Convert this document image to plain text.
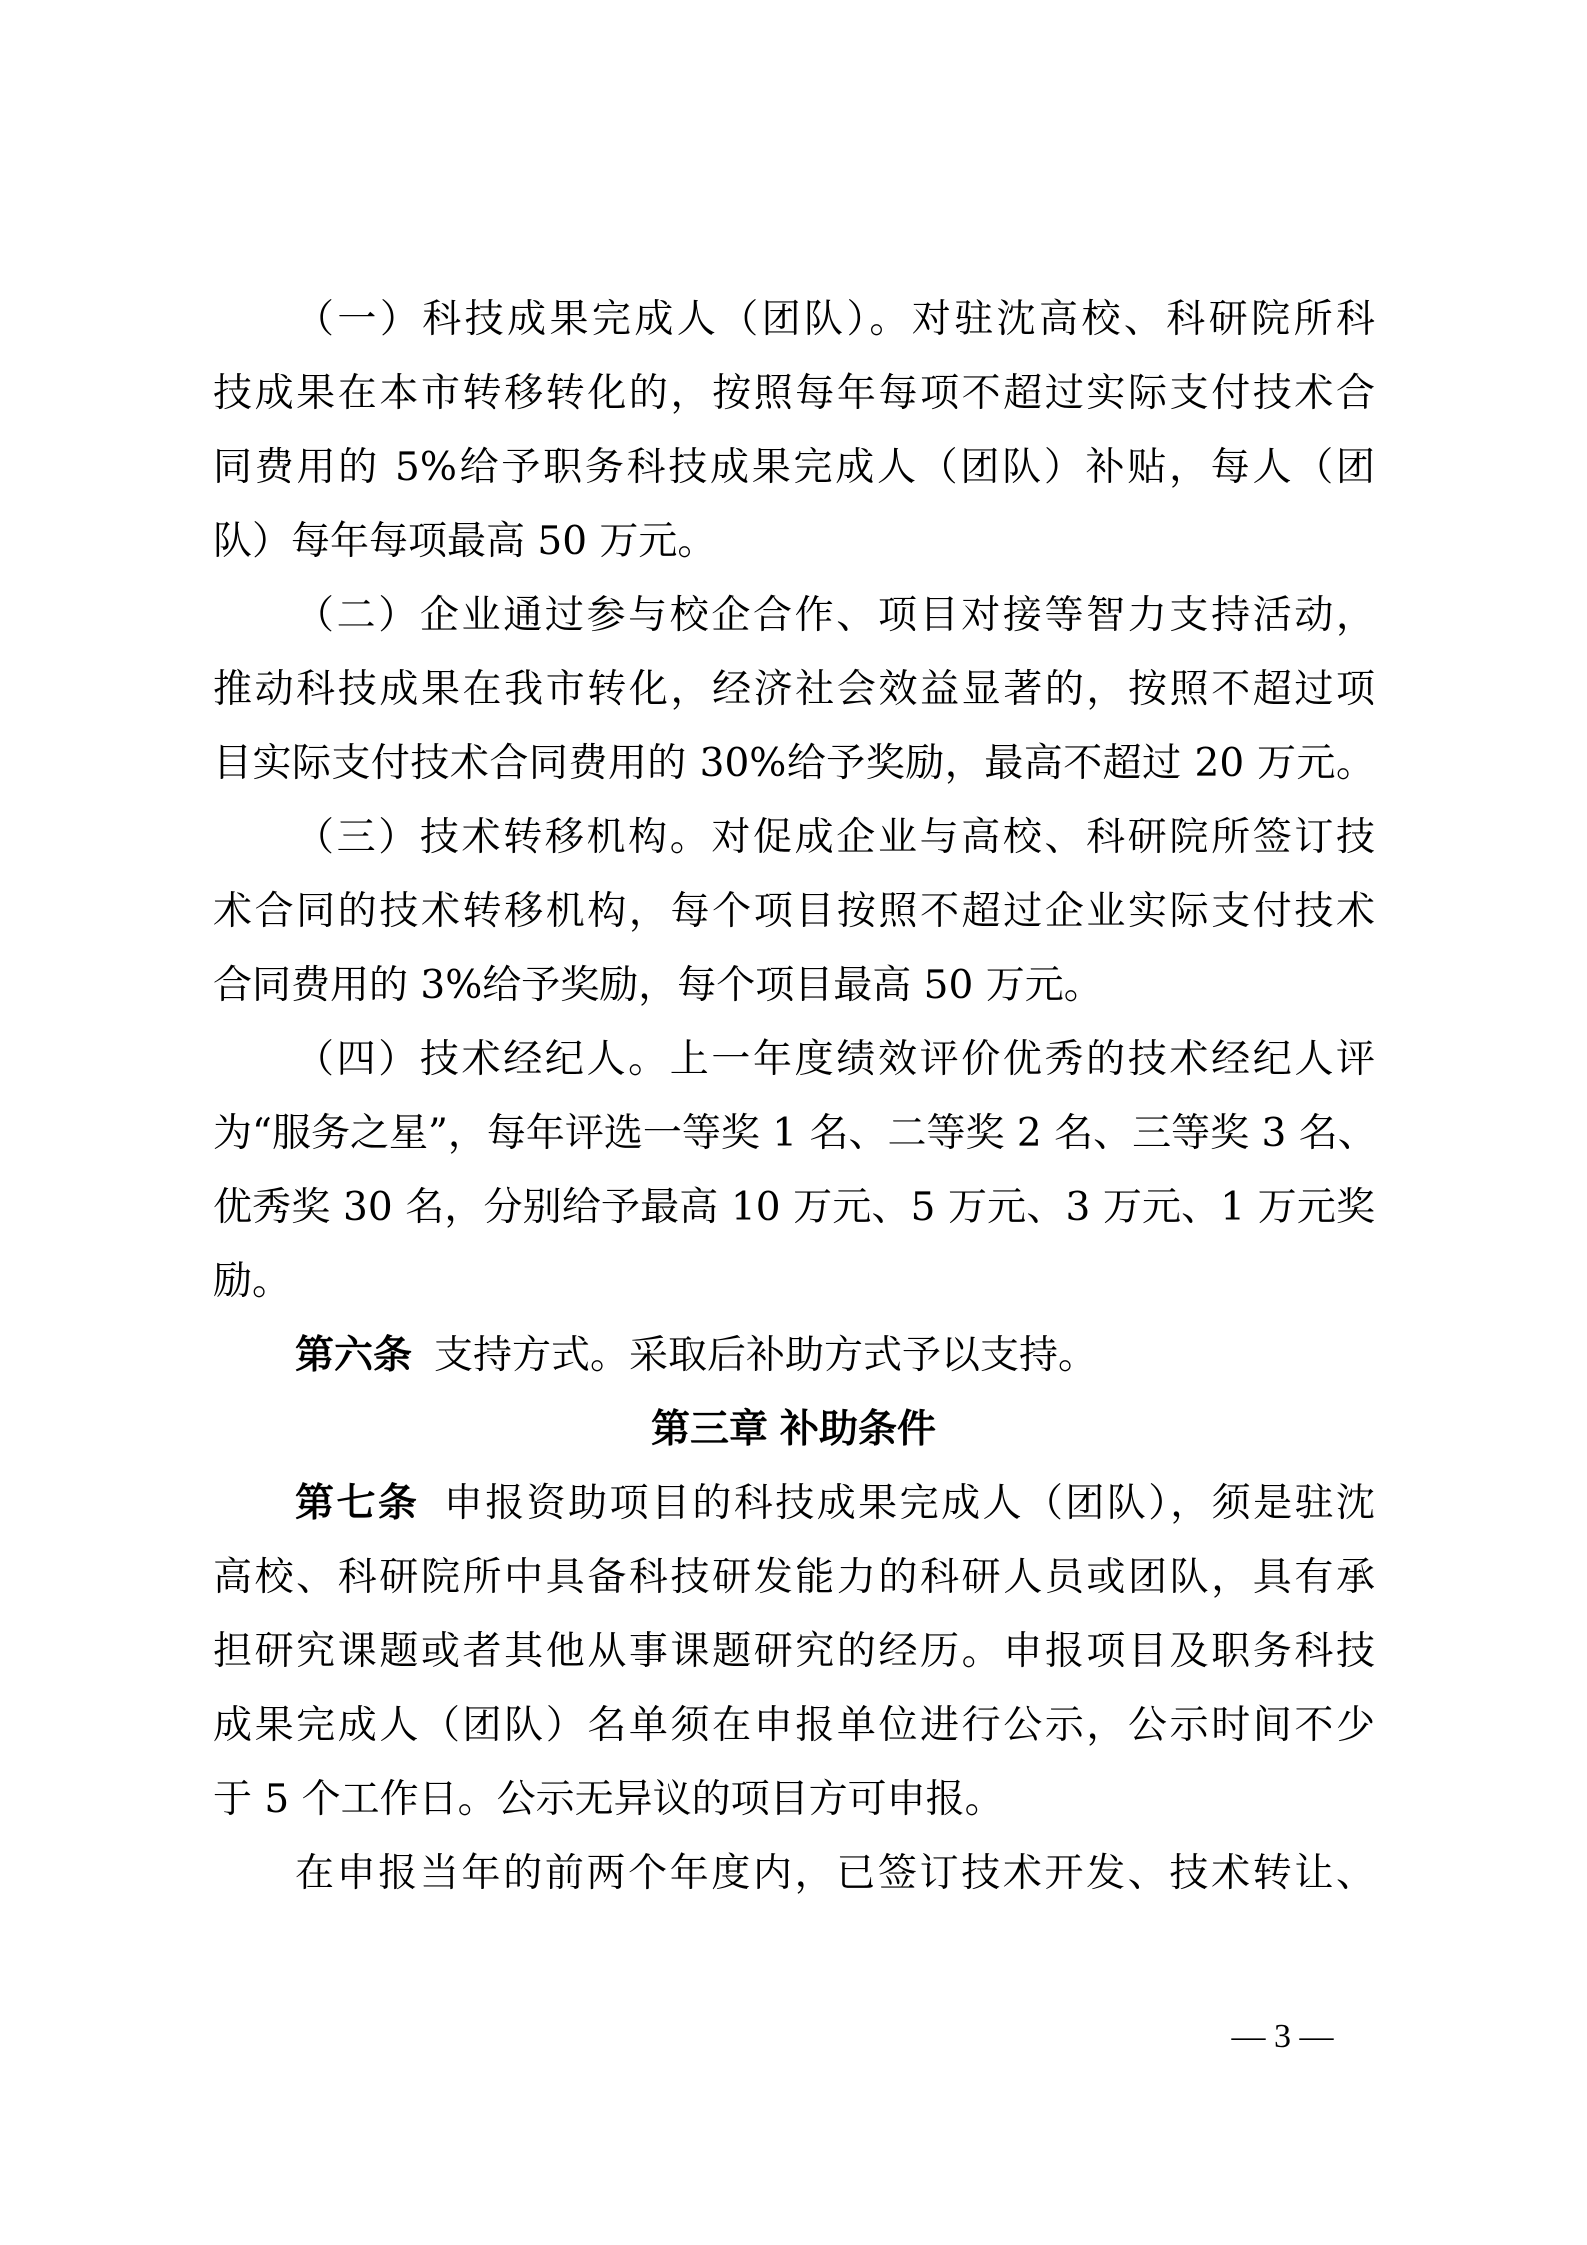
（一）科技成果完成人（团队）。对驻沈高校、科研院所科
技成果在本市转移转化的，按照每年每项不超过实际支付技术合
同费用的 5%给予职务科技成果完成人（团队）补贴，每人（团
队）每年每项最高 50 万元。
（二）企业通过参与校企合作、项目对接等智力支持活动，
推动科技成果在我市转化，经济社会效益显著的，按照不超过项
目实际支付技术合同费用的 30%给予奖励，最高不超过 20 万元。
（三）技术转移机构。对促成企业与高校、科研院所签订技
术合同的技术转移机构，每个项目按照不超过企业实际支付技术
合同费用的 3%给予奖励，每个项目最高 50 万元。
（四）技术经纪人。上一年度绩效评价优秀的技术经纪人评
为“服务之星”，每年评选一等奖 1 名、二等奖 2 名、三等奖 3 名、
优秀奖 30 名，分别给予最高 10 万元、5 万元、3 万元、1 万元奖
励。
第六条 支持方式。采取后补助方式予以支持。
第三章 补助条件
第七条 申报资助项目的科技成果完成人（团队），须是驻沈
高校、科研院所中具备科技研发能力的科研人员或团队，具有承
担研究课题或者其他从事课题研究的经历。申报项目及职务科技
成果完成人（团队）名单须在申报单位进行公示，公示时间不少
于 5 个工作日。公示无异议的项目方可申报。
在申报当年的前两个年度内，已签订技术开发、技术转让、
— 3 —
